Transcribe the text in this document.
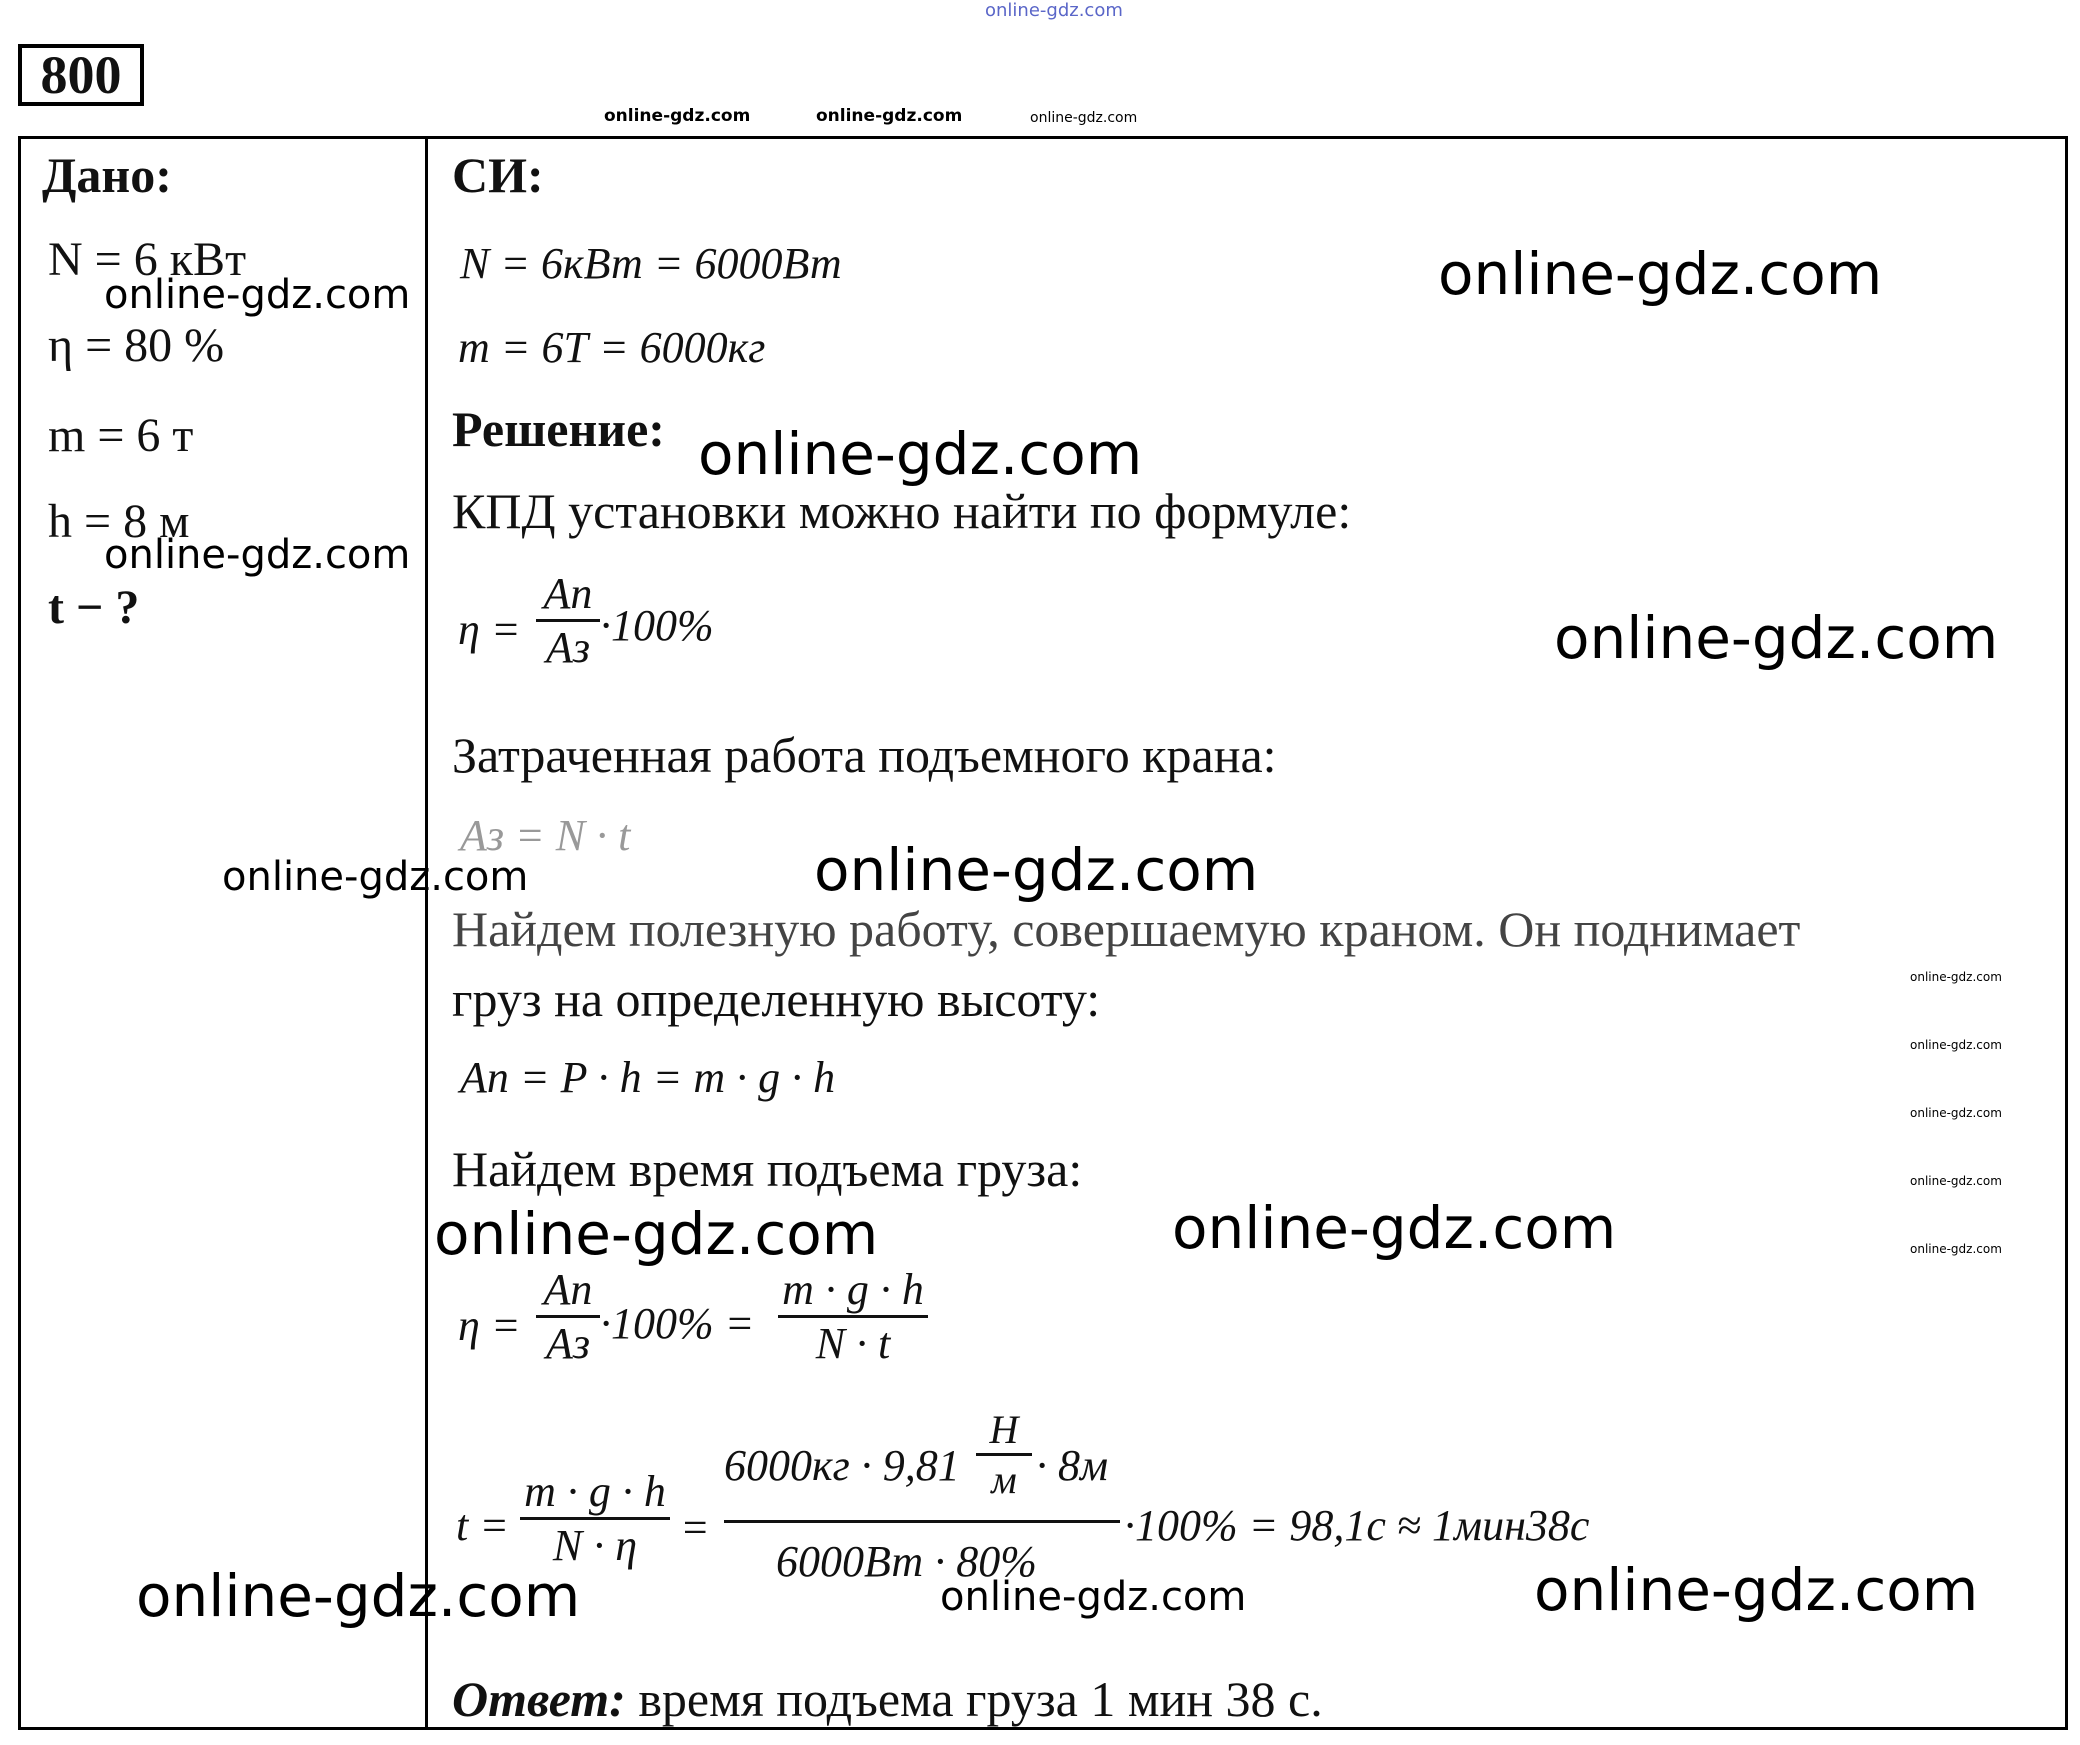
online-gdz.com
800
online-gdz.com	online-gdz.com	online-gdz.com
Дано:
N = 6 кВт
η = 80 %
m = 6 т
h = 8 м
t − ?
СИ:
N = 6кВт = 6000Вт
m = 6Т = 6000кг
Решение:
КПД установки можно найти по формуле:
η =
Aп
Aз ·100%
Затраченная работа подъемного крана:
Aз = N · t
Найдем полезную работу, совершаемую краном. Он поднимает
груз на определенную высоту:
Aп = P · h = m · g · h
Найдем время подъема груза:
η =
Aп
Aз ·100% =
m · g · h
N · t
t =
m · g · h
N · η =
6000кг · 9,81
Н
м · 8м
6000Вт · 80%
·100% = 98,1с ≈ 1мин38с
Ответ: время подъема груза 1 мин 38 с.
online-gdz.com
online-gdz.com
online-gdz.com
online-gdz.com
online-gdz.com
online-gdz.com
online-gdz.com
online-gdz.com	online-gdz.com
online-gdz.com	online-gdz.com	online-gdz.com
online-gdz.com
online-gdz.com
online-gdz.com
online-gdz.com
online-gdz.com
